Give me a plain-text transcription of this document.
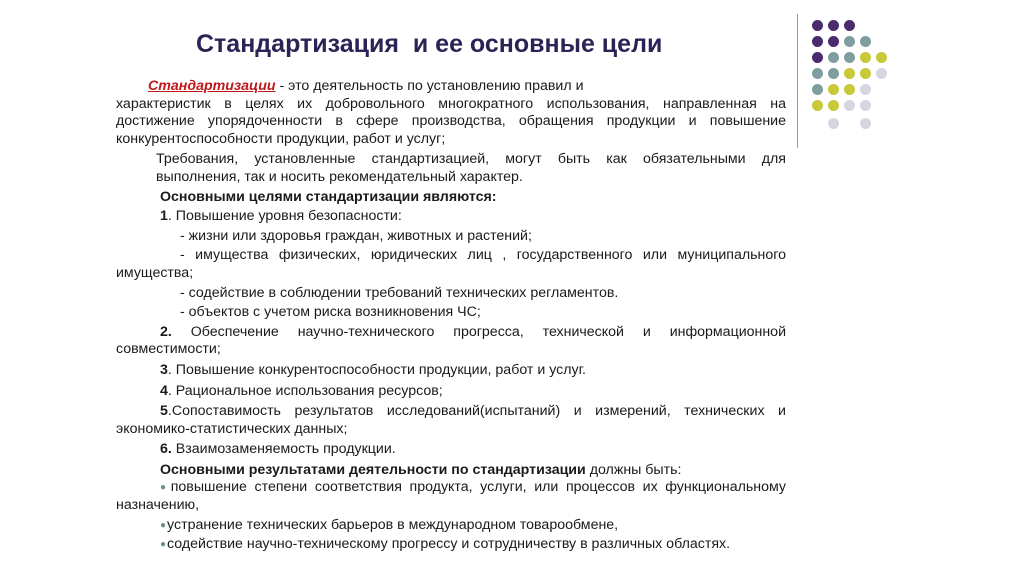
Стандартизация  и ее основные цели

Стандартизации - это деятельность по установлению правил и

характеристик в целях их добровольного многократного использования, направленная на достижение упорядоченности в сфере производства, обращения продукции и повышение конкурентоспособности продукции, работ и услуг;

Требования, установленные стандартизацией, могут быть как обязательными для выполнения, так и носить рекомендательный характер.

Основными целями стандартизации являются:

1. Повышение уровня безопасности:

- жизни или здоровья граждан, животных и растений;

- имущества физических, юридических лиц , государственного или муниципального имущества;

- содействие в соблюдении требований технических регламентов.

- объектов с учетом риска возникновения ЧС;

2. Обеспечение научно-технического прогресса, технической и информационной совместимости;

3. Повышение конкурентоспособности продукции, работ и услуг.

4. Рациональное использования ресурсов;

5.Сопоставимость результатов исследований(испытаний) и измерений, технических и экономико-статистических данных;

6. Взаимозаменяемость продукции.

Основными результатами деятельности по стандартизации должны быть:

●повышение степени соответствия продукта, услуги, или процессов их функциональному назначению,

●устранение технических барьеров в международном товарообмене,

●содействие научно-техническому прогрессу и сотрудничеству в различных областях.
